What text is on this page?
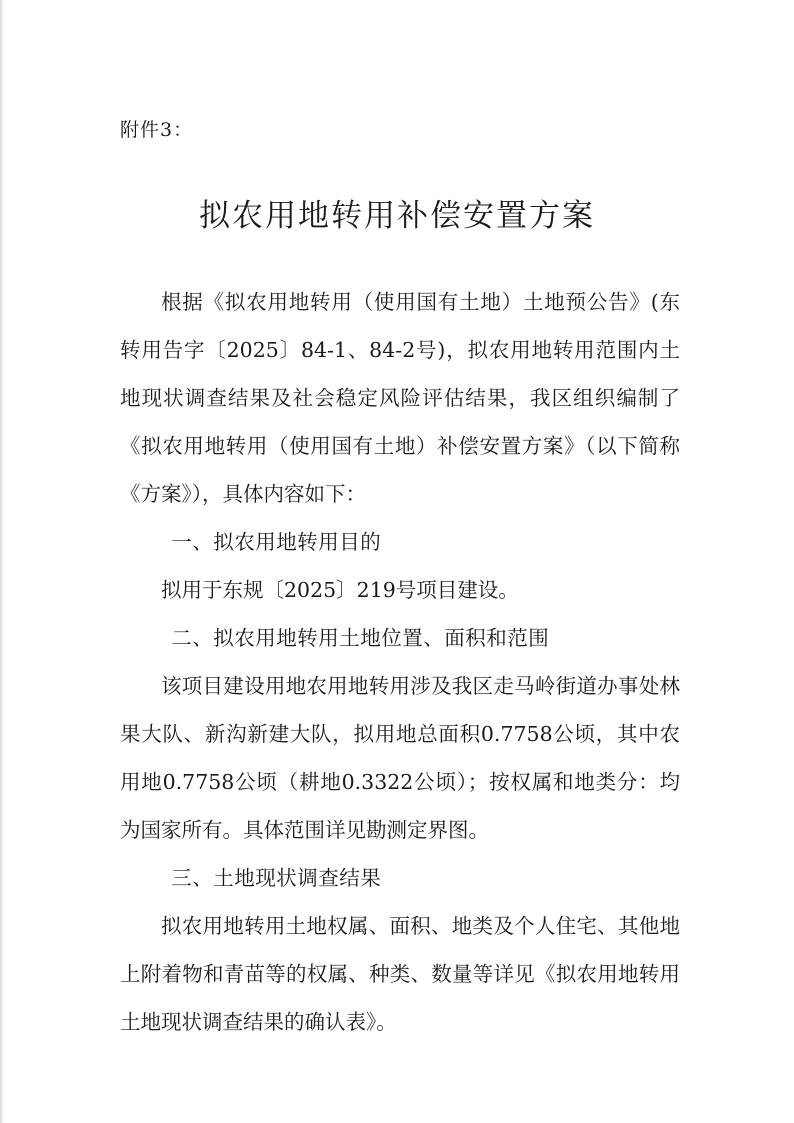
附件3：
拟农用地转用补偿安置方案

根据《拟农用地转用（使用国有土地）土地预公告》(东转用告字〔2025〕84-1、84-2号)，拟农用地转用范围内土地现状调查结果及社会稳定风险评估结果，我区组织编制了《拟农用地转用（使用国有土地）补偿安置方案》（以下简称《方案》），具体内容如下：

一、拟农用地转用目的

拟用于东规〔2025〕219号项目建设。

二、拟农用地转用土地位置、面积和范围

该项目建设用地农用地转用涉及我区走马岭街道办事处林果大队、新沟新建大队，拟用地总面积0.7758公顷，其中农用地0.7758公顷（耕地0.3322公顷）；按权属和地类分：均为国家所有。具体范围详见勘测定界图。

三、土地现状调查结果

拟农用地转用土地权属、面积、地类及个人住宅、其他地上附着物和青苗等的权属、种类、数量等详见《拟农用地转用土地现状调查结果的确认表》。
